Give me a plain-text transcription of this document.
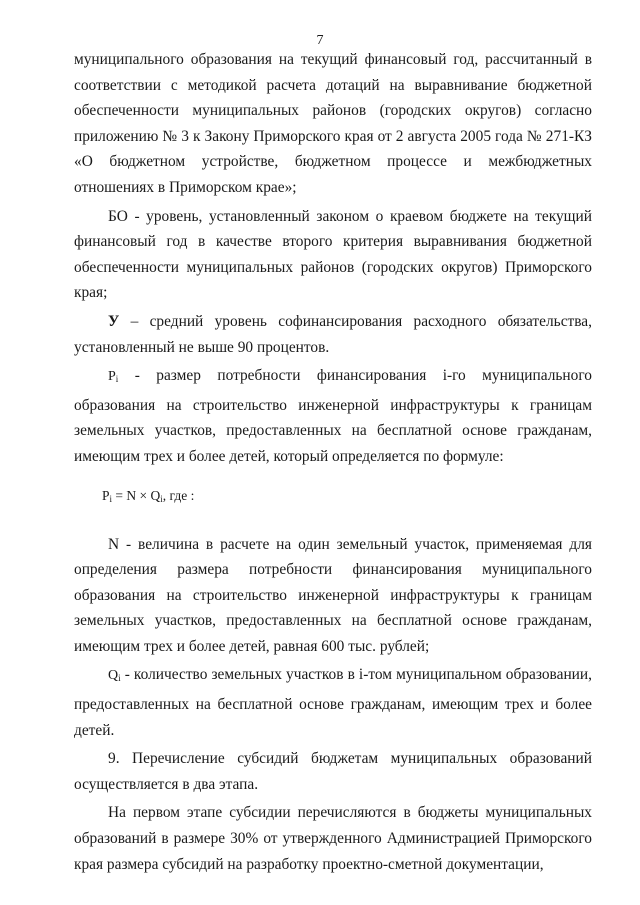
7

муниципального образования на текущий финансовый год, рассчитанный в соответствии с методикой расчета дотаций на выравнивание бюджетной обеспеченности муниципальных районов (городских округов) согласно приложению № 3 к Закону Приморского края от 2 августа 2005 года № 271-КЗ «О бюджетном устройстве, бюджетном процессе и межбюджетных отношениях в Приморском крае»;

БО - уровень, установленный законом о краевом бюджете на текущий финансовый год в качестве второго критерия выравнивания бюджетной обеспеченности муниципальных районов (городских округов) Приморского края;

У – средний уровень софинансирования расходного обязательства, установленный не выше 90 процентов.

$P_i$ - размер потребности финансирования i-го муниципального образования на строительство инженерной инфраструктуры к границам земельных участков, предоставленных на бесплатной основе гражданам, имеющим трех и более детей, который определяется по формуле:

$P_i = N \times Q_i$, где :

N - величина в расчете на один земельный участок, применяемая для определения размера потребности финансирования муниципального образования на строительство инженерной инфраструктуры к границам земельных участков, предоставленных на бесплатной основе гражданам, имеющим трех и более детей, равная 600 тыс. рублей;

$Q_i$ - количество земельных участков в i-том муниципальном образовании, предоставленных на бесплатной основе гражданам, имеющим трех и более детей.

9. Перечисление субсидий бюджетам муниципальных образований осуществляется в два этапа.

На первом этапе субсидии перечисляются в бюджеты муниципальных образований в размере 30% от утвержденного Администрацией Приморского края размера субсидий на разработку проектно-сметной документации,
